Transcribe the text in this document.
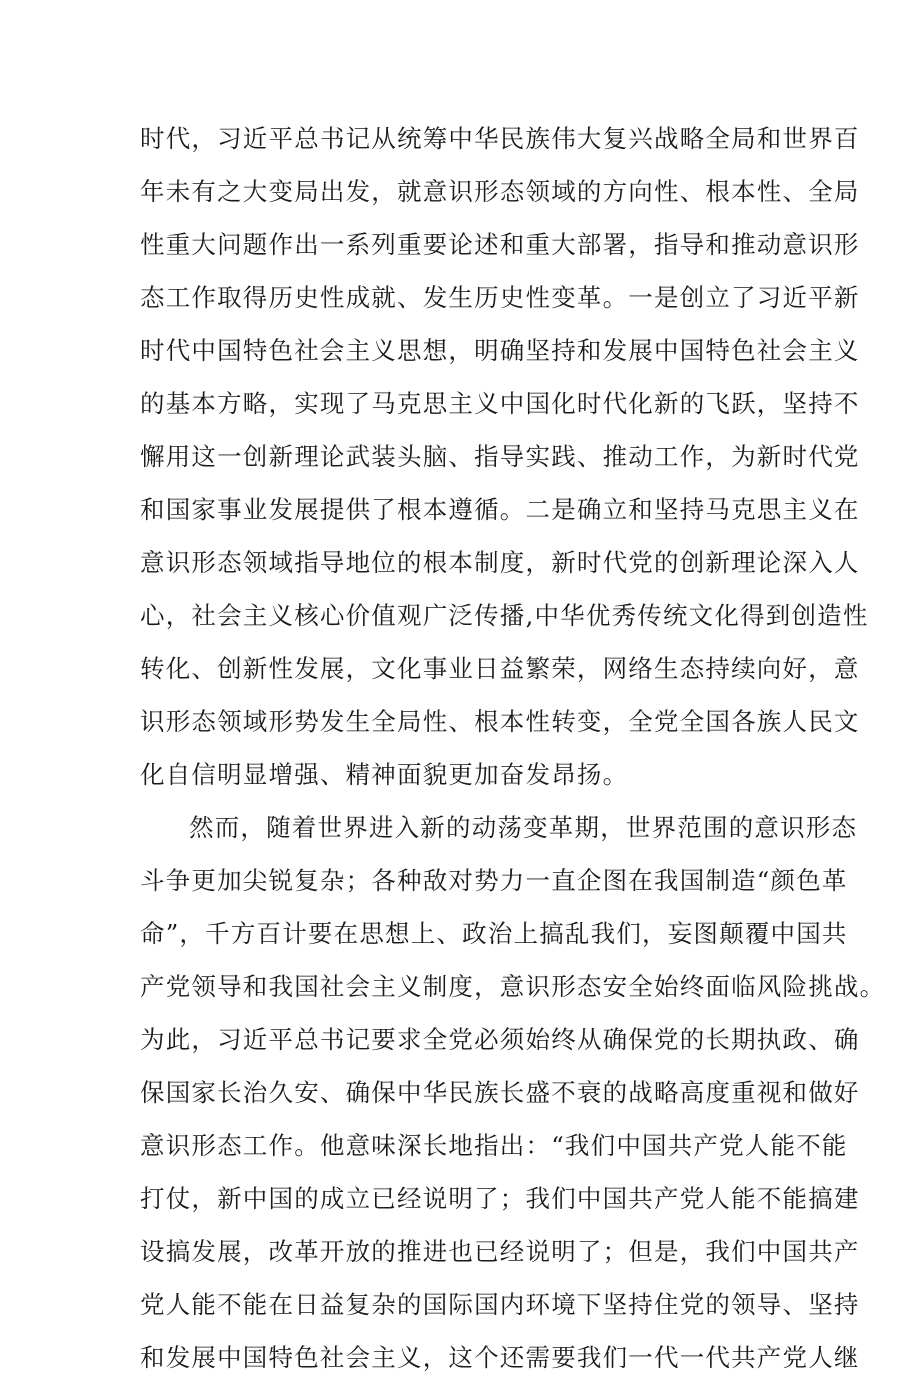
时代，习近平总书记从统筹中华民族伟大复兴战略全局和世界百
年未有之大变局出发，就意识形态领域的方向性、根本性、全局
性重大问题作出一系列重要论述和重大部署，指导和推动意识形
态工作取得历史性成就、发生历史性变革。一是创立了习近平新
时代中国特色社会主义思想，明确坚持和发展中国特色社会主义
的基本方略，实现了马克思主义中国化时代化新的飞跃，坚持不
懈用这一创新理论武装头脑、指导实践、推动工作，为新时代党
和国家事业发展提供了根本遵循。二是确立和坚持马克思主义在
意识形态领域指导地位的根本制度，新时代党的创新理论深入人
心，社会主义核心价值观广泛传播,中华优秀传统文化得到创造性
转化、创新性发展，文化事业日益繁荣，网络生态持续向好，意
识形态领域形势发生全局性、根本性转变，全党全国各族人民文
化自信明显增强、精神面貌更加奋发昂扬。
然而，随着世界进入新的动荡变革期，世界范围的意识形态
斗争更加尖锐复杂；各种敌对势力一直企图在我国制造“颜色革
命”，千方百计要在思想上、政治上搞乱我们，妄图颠覆中国共
产党领导和我国社会主义制度，意识形态安全始终面临风险挑战。
为此，习近平总书记要求全党必须始终从确保党的长期执政、确
保国家长治久安、确保中华民族长盛不衰的战略高度重视和做好
意识形态工作。他意味深长地指出：“我们中国共产党人能不能
打仗，新中国的成立已经说明了；我们中国共产党人能不能搞建
设搞发展，改革开放的推进也已经说明了；但是，我们中国共产
党人能不能在日益复杂的国际国内环境下坚持住党的领导、坚持
和发展中国特色社会主义，这个还需要我们一代一代共产党人继
